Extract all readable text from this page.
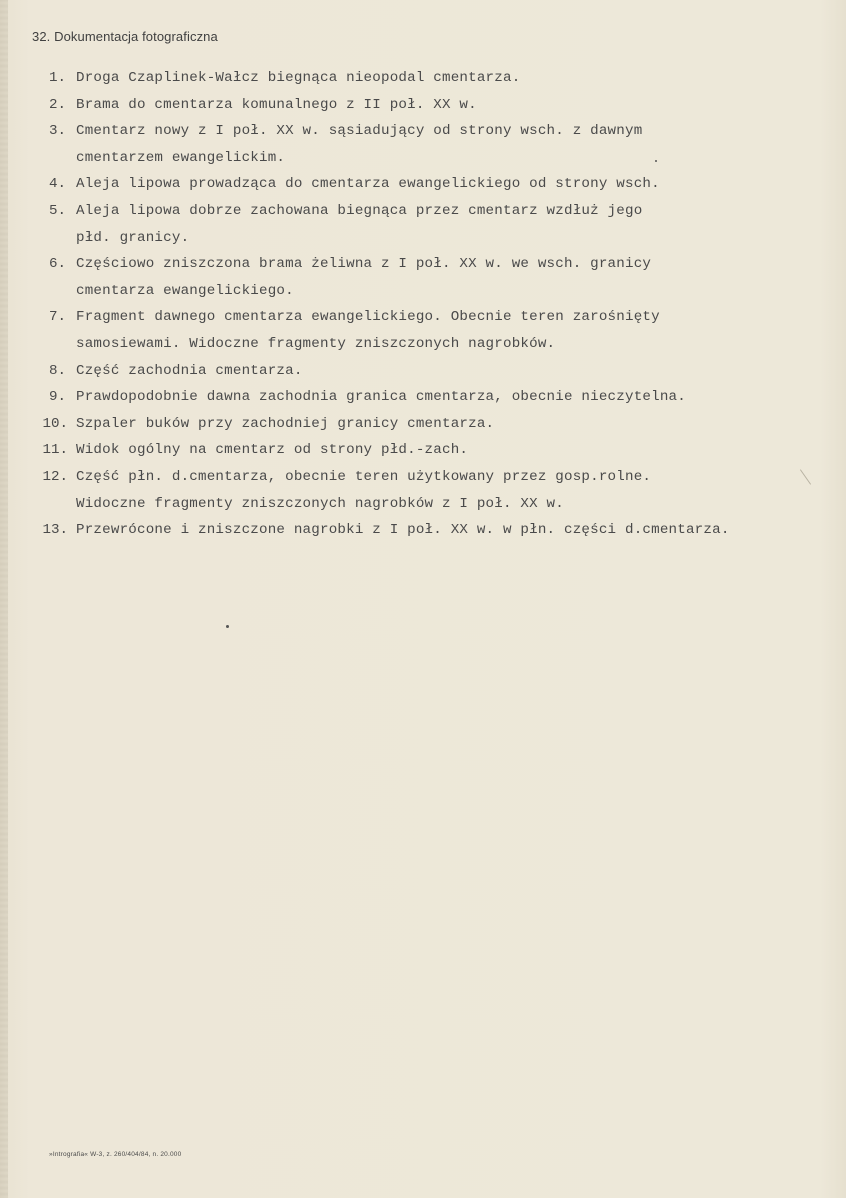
32. Dokumentacja fotograficzna
1. Droga Czaplinek-Wałcz biegnąca nieopodal cmentarza.
2. Brama do cmentarza komunalnego z II poł. XX w.
3. Cmentarz nowy z I poł. XX w. sąsiadujący od strony wsch. z dawnym
cmentarzem ewangelickim.
4. Aleja lipowa prowadząca do cmentarza ewangelickiego od strony wsch.
5. Aleja lipowa dobrze zachowana biegnąca przez cmentarz wzdłuż jego
płd. granicy.
6. Częściowo zniszczona brama żeliwna z I poł. XX w. we wsch. granicy
cmentarza ewangelickiego.
7. Fragment dawnego cmentarza ewangelickiego. Obecnie teren zarośnięty
samosiewami. Widoczne fragmenty zniszczonych nagrobków.
8. Część zachodnia cmentarza.
9. Prawdopodobnie dawna zachodnia granica cmentarza, obecnie nieczytelna.
10. Szpaler buków przy zachodniej granicy cmentarza.
11. Widok ogólny na cmentarz od strony płd.-zach.
12. Część płn. d.cmentarza, obecnie teren użytkowany przez gosp.rolne.
Widoczne fragmenty zniszczonych nagrobków z I poł. XX w.
13. Przewrócone i zniszczone nagrobki z I poł. XX w. w płn. części d.cmentarza.
»Intrografia« W-3, z. 260/404/84, n. 20.000
